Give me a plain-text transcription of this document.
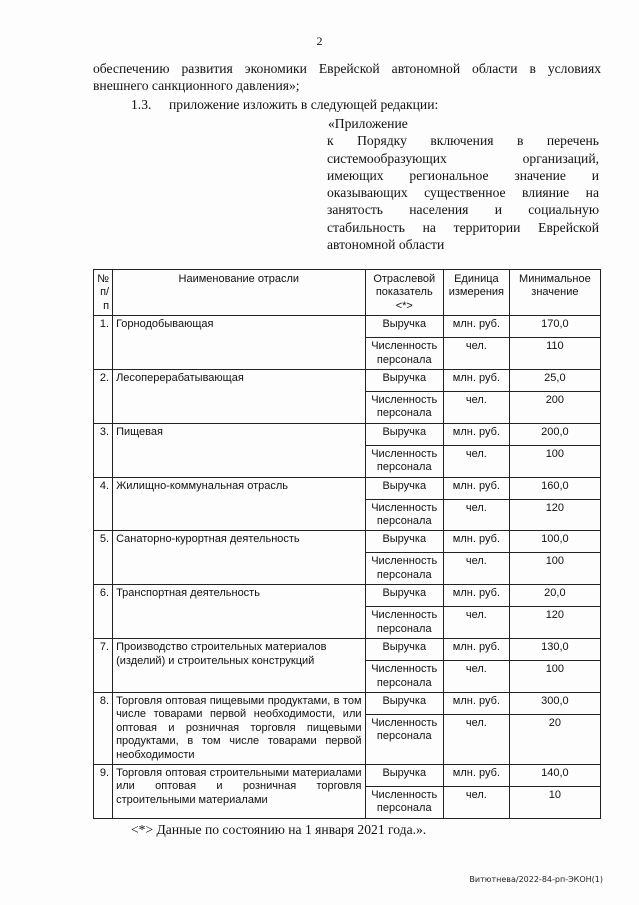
2
обеспечению развития экономики Еврейской автономной области в условиях
внешнего санкционного давления»;
1.3. приложение изложить в следующей редакции:
«Приложение
к Порядку включения в перечень
системообразующих организаций,
имеющих региональное значение и
оказывающих существенное влияние на
занятость населения и социальную
стабильность на территории Еврейской
автономной области
№ п/п	Наименование отрасли	Отраслевой показатель <*>	Единица измерения	Минимальное значение
1.	Горнодобывающая	Выручка	млн. руб.	170,0
		Численность персонала	чел.	110
2.	Лесоперерабатывающая	Выручка	млн. руб.	25,0
		Численность персонала	чел.	200
3.	Пищевая	Выручка	млн. руб.	200,0
		Численность персонала	чел.	100
4.	Жилищно-коммунальная отрасль	Выручка	млн. руб.	160,0
		Численность персонала	чел.	120
5.	Санаторно-курортная деятельность	Выручка	млн. руб.	100,0
		Численность персонала	чел.	100
6.	Транспортная деятельность	Выручка	млн. руб.	20,0
		Численность персонала	чел.	120
7.	Производство строительных материалов (изделий) и строительных конструкций	Выручка	млн. руб.	130,0
		Численность персонала	чел.	100
8.	Торговля оптовая пищевыми продуктами, в том числе товарами первой необходимости, или оптовая и розничная торговля пищевыми продуктами, в том числе товарами первой необходимости	Выручка	млн. руб.	300,0
		Численность персонала	чел.	20
9.	Торговля оптовая строительными материалами или оптовая и розничная торговля строительными материалами	Выручка	млн. руб.	140,0
		Численность персонала	чел.	10
<*> Данные по состоянию на 1 января 2021 года.».
Витютнева/2022-84-рп-ЭКОН(1)
